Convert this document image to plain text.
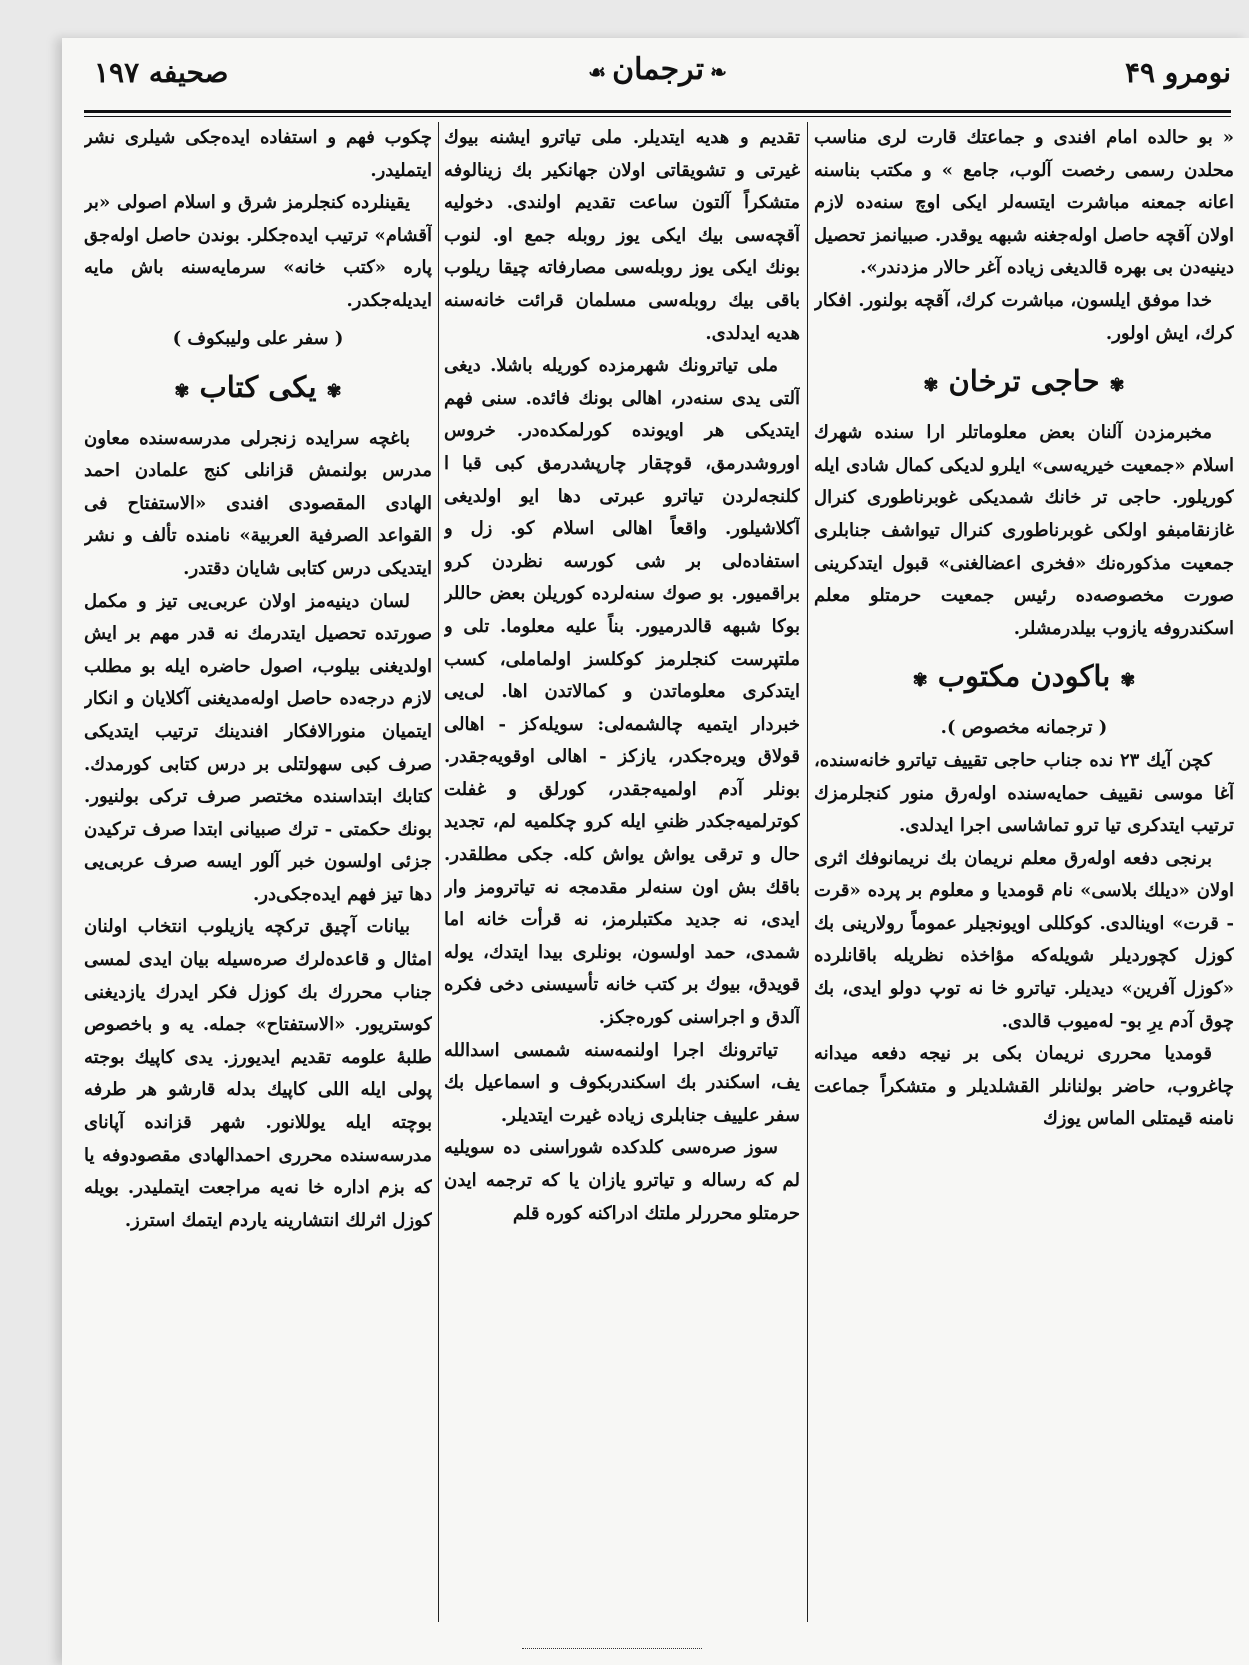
نومرو ۴۹
❧ترجمان☙
صحیفه ۱۹۷

« بو حالده امام افندی و جماعتك قارت لری مناسب محلدن رسمی رخصت آلوب، جامع » و مکتب بناسنه اعانه جمعنه مباشرت ایتسه‌لر ایکی اوچ سنه‌ده لازم اولان آقچه حاصل اوله‌جغنه شبهه یوقدر. صبیانمز تحصیل دینیه‌دن بی بهره قالدیغی زیاده آغر حالار مزدندر».

خدا موفق ایلسون، مباشرت کرك، آقچه بولنور. افکار کرك، ایش اولور.

✾حاجی ترخان✾

مخبرمزدن آلنان بعض معلوماتلر ارا سنده شهرك اسلام «جمعیت خیریه‌سی» ایلرو لدیکی کمال شادی ایله کوریلور. حاجی تر خانك شمدیکی غوبرناطوری کنرال غازنقامبفو اولکی غوبرناطوری کنرال تیواشف جنابلری جمعیت مذکوره‌نك «فخری اعضالغنی» قبول ایتدکرینی صورت مخصوصه‌ده رئیس جمعیت حرمتلو معلم اسکندروفه یازوب بیلدرمشلر.

✾باکودن مکتوب✾
( ترجمانه مخصوص ).

کچن آیك ۲۳ نده جناب حاجی تقییف تیاترو خانه‌سنده، آغا موسی نقییف حمایه‌سنده اوله‌رق منور کنجلرمزك ترتیب ایتدکری تیا ترو تماشاسی اجرا ایدلدی.

برنجی دفعه اوله‌رق معلم نریمان بك نریمانوفك اثری اولان «دیلك بلاسی» نام قومدیا و معلوم بر پرده «قرت - قرت» اوینالدی. کوکللی اویونجیلر عموماً رولارینی بك کوزل کچوردیلر شویله‌که مؤاخذه نظریله باقانلرده «کوزل آفرین» دیدیلر. تیاترو خا نه توپ دولو ایدی، بك چوق آدم یرِ بو- له‌میوب قالدی.

قومدیا محرری نریمان بکی بر نیجه دفعه میدانه چاغروب، حاضر بولنانلر القشلدیلر و متشکراً جماعت نامنه قیمتلی الماس یوزك

تقدیم و هدیه ایتدیلر. ملی تیاترو ایشنه بیوك غیرتی و تشویقاتی اولان جهانکیر بك زینالوفه متشکراً آلتون ساعت تقدیم اولندی. دخولیه آقچه‌سی بیك ایکی یوز روبله جمع او. لنوب بونك ایکی یوز روبله‌سی مصارفاته چیقا ریلوب باقی بیك روبله‌سی مسلمان قرائت خانه‌سنه هدیه ایدلدی.

ملی تیاترونك شهرمزده کوریله باشلا. دیغی آلتی یدی سنه‌در، اهالی بونك فائده. سنی فهم ایتدیکی هر اویونده کورلمکده‌در. خروس اوروشدرمق، قوچقار چارپشدرمق کبی قبا ا کلنجه‌لردن تیاترو عبرتی دها ایو اولدیغی آکلاشیلور. واقعاً اهالی اسلام کو. زل و استفاده‌لی بر شی کورسه نظردن کرو براقمیور. بو صوك سنه‌لرده کوریلن بعض حاللر بوکا شبهه قالدرمیور. بناً علیه معلوما. تلی و ملتپرست کنجلرمز کوکلسز اولماملی، کسب ایتدکری معلوماتدن و کمالاتدن اها. لی‌یی خبردار ایتمیه چالشمه‌لی: سویله‌کز - اهالی قولاق ویره‌جکدر، یازکز - اهالی اوقویه‌جقدر. بونلر آدم اولمیه‌جقدر، کورلق و غفلت کوترلمیه‌جکدر ظنیِ ایله کرو چکلمیه لم، تجدید حال و ترقی یواش یواش کله. جکی مطلقدر. باقك بش اون سنه‌لر مقدمجه نه تیاترومز وار ایدی، نه جدید مکتبلرمز، نه قرأت خانه اما شمدی، حمد اولسون، بونلری بیدا ایتدك، یوله قویدق، بیوك بر کتب خانه تأسیسنی دخی فکره آلدق و اجراسنی کوره‌جکز.

تیاترونك اجرا اولنمه‌سنه شمسی اسدالله یف، اسکندر بك اسکندربکوف و اسماعیل بك سفر علییف جنابلری زیاده غیرت ایتدیلر.

سوز صره‌سی کلدکده شوراسنی ده سویلیه لم که رساله و تیاترو یازان یا که ترجمه ایدن حرمتلو محررلر ملتك ادراکنه کوره قلم

چکوب فهم و استفاده ایده‌جکی شیلری نشر ایتملیدر.

یقینلرده کنجلرمز شرق و اسلام اصولی «بر آقشام» ترتیب ایده‌جکلر. بوندن حاصل اوله‌جق پاره «کتب خانه» سرمایه‌سنه باش مایه ایدیله‌جکدر.

( سفر علی ولیبکوف )
✾یکی کتاب✾

باغچه سرایده زنجرلی مدرسه‌سنده معاون مدرس بولنمش قزانلی کنج علمادن احمد الهادی المقصودی افندی «الاستفتاح فی القواعد الصرفیة العربیة» نامنده تألف و نشر ایتدیکی درس کتابی شایان دقتدر.

لسان دینیه‌مز اولان عربی‌یی تیز و مکمل صورتده تحصیل ایتدرمك نه قدر مهم بر ایش اولدیغنی بیلوب، اصول حاضره ایله بو مطلب لازم درجه‌ده حاصل اوله‌مدیغنی آکلایان و انکار ایتمیان منورالافکار افندینك ترتیب ایتدیکی صرف کبی سهولتلی بر درس کتابی کورمدك. کتابك ابتداسنده مختصر صرف ترکی بولنیور. بونك حکمتی - ترك صبیانی ابتدا صرف ترکیدن جزئی اولسون خبر آلور ایسه صرف عربی‌یی دها تیز فهم ایده‌جکی‌در.

بیانات آچیق ترکچه یازیلوب انتخاب اولنان امثال و قاعده‌لرك صره‌سیله بیان ایدی لمسی جناب محررك بك کوزل فکر ایدرك یازدیغنی کوستریور. «الاستفتاح» جمله. یه و باخصوص طلبهٔ علومه تقدیم ایدیورز. یدی کاپیك بوجته پولی ایله اللی کاپیك بدله قارشو هر طرفه بوچته ایله یوللانور. شهر قزانده آپانای مدرسه‌سنده محرری احمدالهادی مقصودوفه یا که بزم اداره خا نه‌یه مراجعت ایتملیدر. بویله کوزل اثرلك انتشارینه یاردم ایتمك استرز.
